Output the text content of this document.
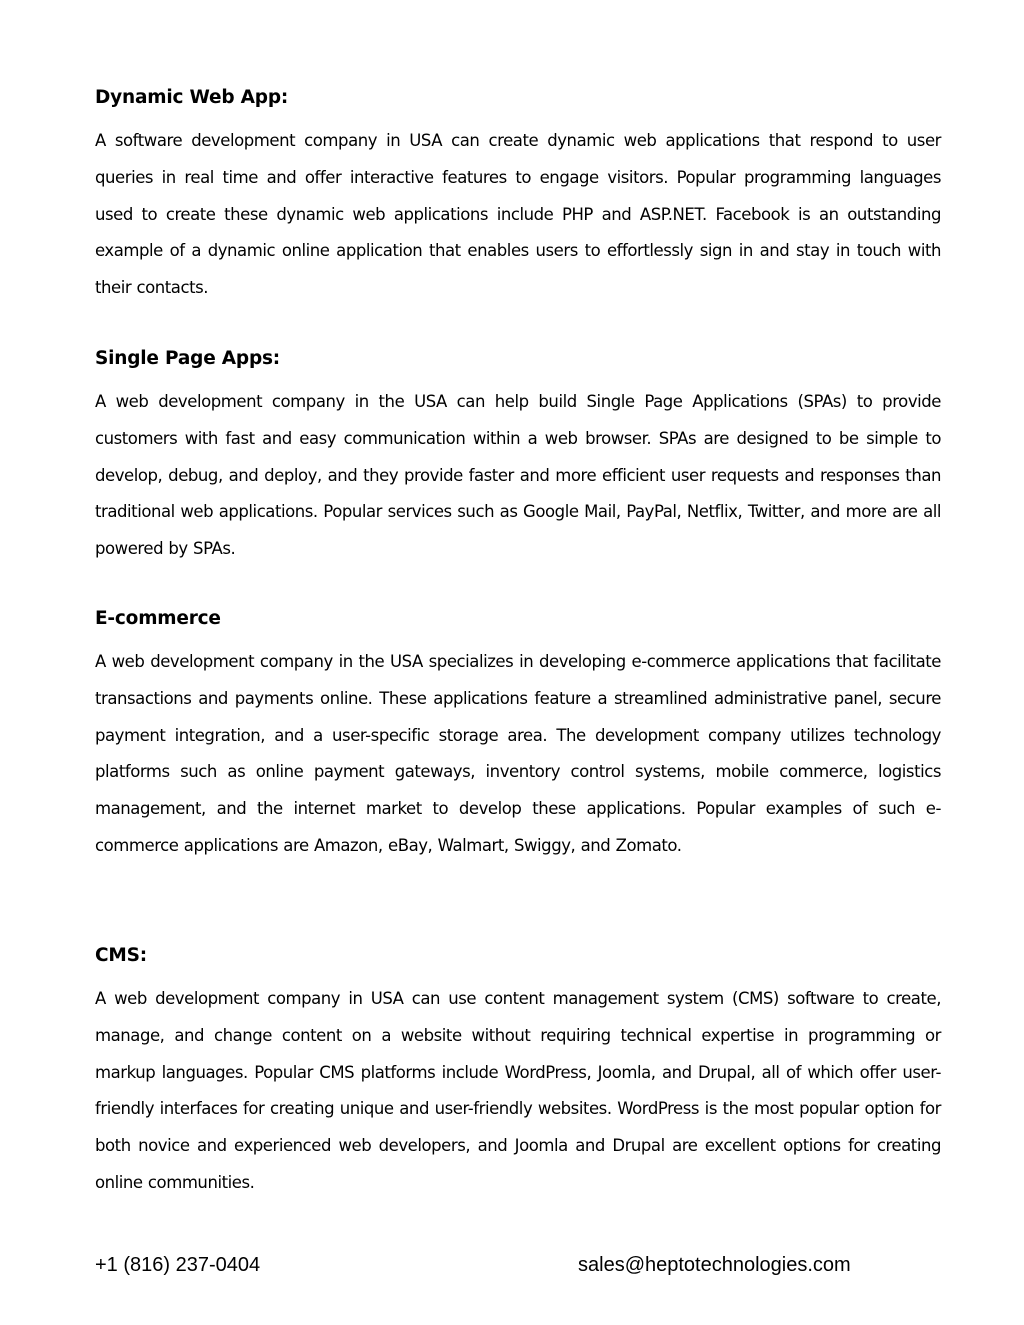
Dynamic Web App:

A software development company in USA can create dynamic web applications that respond to user queries in real time and offer interactive features to engage visitors. Popular programming languages used to create these dynamic web applications include PHP and ASP.NET. Facebook is an outstanding example of a dynamic online application that enables users to effortlessly sign in and stay in touch with their contacts.

Single Page Apps:

A web development company in the USA can help build Single Page Applications (SPAs) to provide customers with fast and easy communication within a web browser. SPAs are designed to be simple to develop, debug, and deploy, and they provide faster and more efficient user requests and responses than traditional web applications. Popular services such as Google Mail, PayPal, Netflix, Twitter, and more are all powered by SPAs.

E-commerce

A web development company in the USA specializes in developing e-commerce applications that facilitate transactions and payments online. These applications feature a streamlined administrative panel, secure payment integration, and a user-specific storage area. The development company utilizes technology platforms such as online payment gateways, inventory control systems, mobile commerce, logistics management, and the internet market to develop these applications. Popular examples of such e-commerce applications are Amazon, eBay, Walmart, Swiggy, and Zomato.

CMS:

A web development company in USA can use content management system (CMS) software to create, manage, and change content on a website without requiring technical expertise in programming or markup languages. Popular CMS platforms include WordPress, Joomla, and Drupal, all of which offer user-friendly interfaces for creating unique and user-friendly websites. WordPress is the most popular option for both novice and experienced web developers, and Joomla and Drupal are excellent options for creating online communities.

+1 (816) 237-0404	sales@heptotechnologies.com
